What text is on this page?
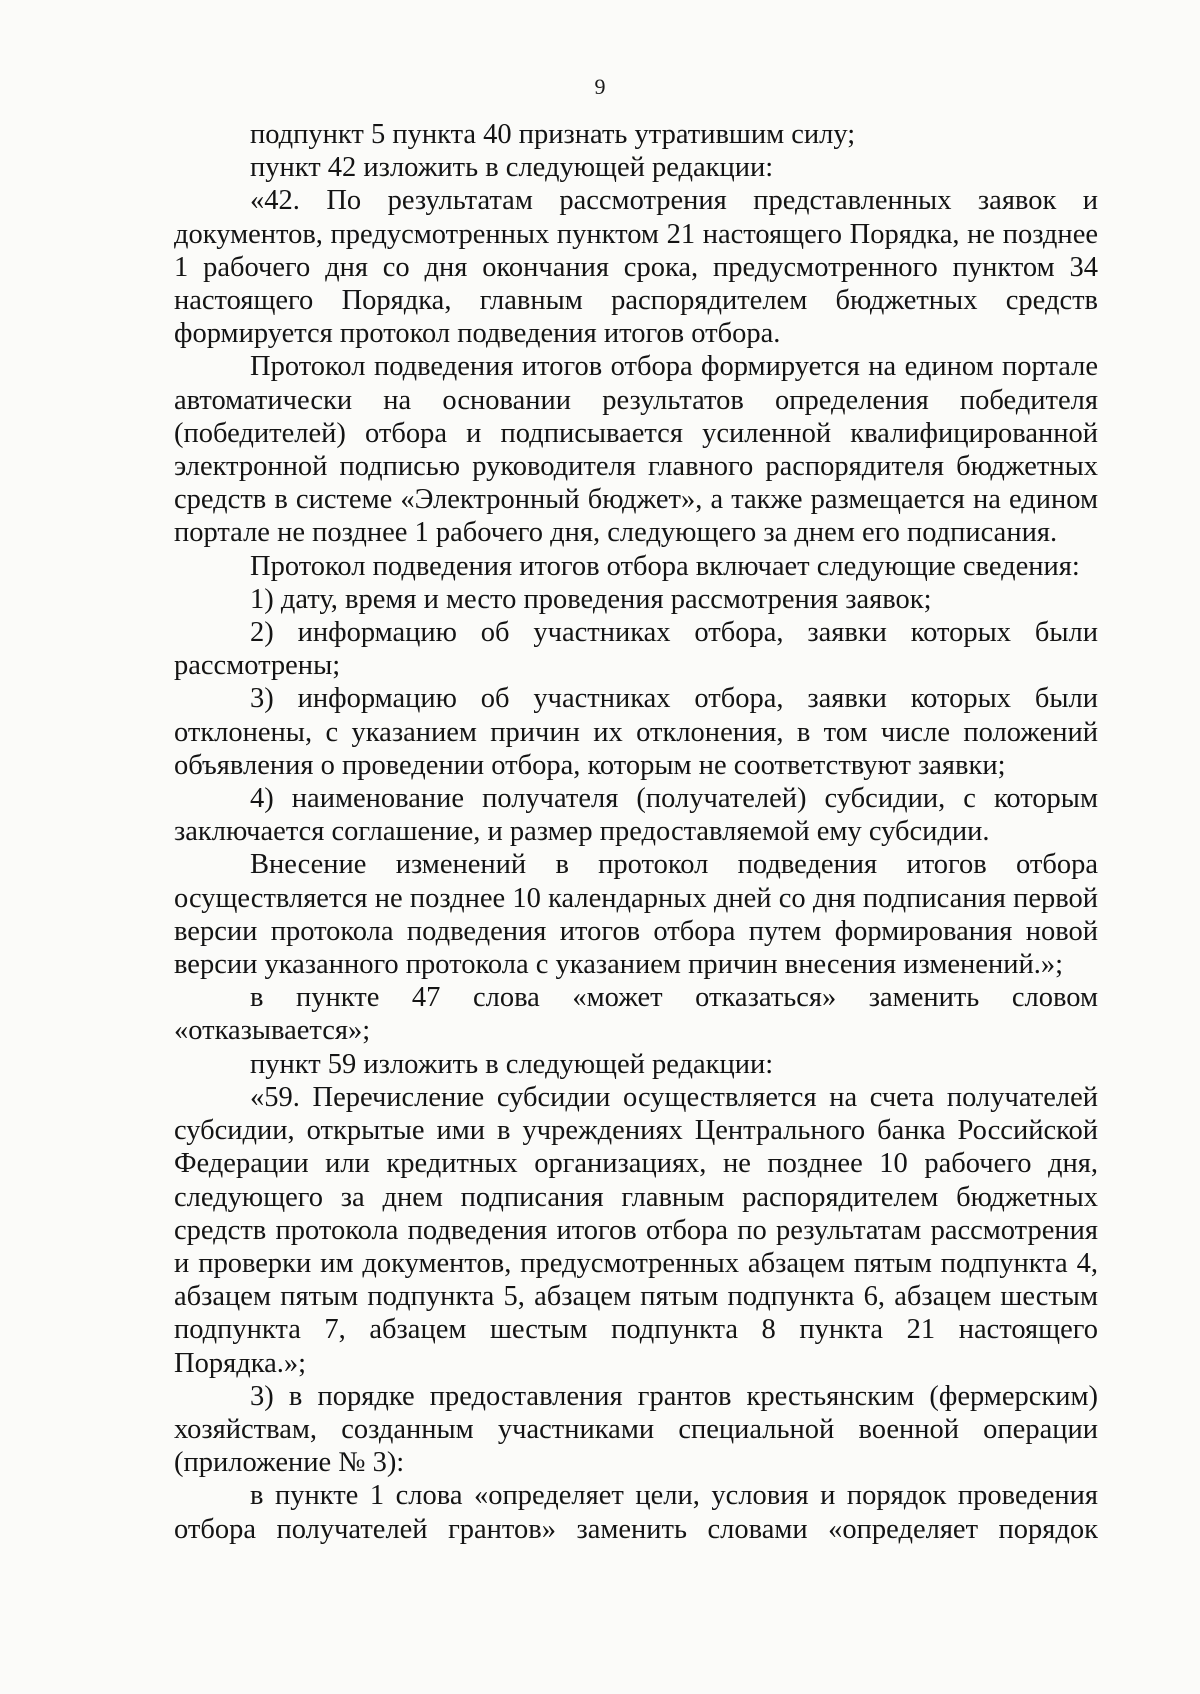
9

подпункт 5 пункта 40 признать утратившим силу;

пункт 42 изложить в следующей редакции:

«42. По результатам рассмотрения представленных заявок и документов, предусмотренных пунктом 21 настоящего Порядка, не позднее 1 рабочего дня со дня окончания срока, предусмотренного пунктом 34 настоящего Порядка, главным распорядителем бюджетных средств формируется протокол подведения итогов отбора.

Протокол подведения итогов отбора формируется на едином портале автоматически на основании результатов определения победителя (победителей) отбора и подписывается усиленной квалифицированной электронной подписью руководителя главного распорядителя бюджетных средств в системе «Электронный бюджет», а также размещается на едином портале не позднее 1 рабочего дня, следующего за днем его подписания.

Протокол подведения итогов отбора включает следующие сведения:

1) дату, время и место проведения рассмотрения заявок;

2) информацию об участниках отбора, заявки которых были рассмотрены;

3) информацию об участниках отбора, заявки которых были отклонены, с указанием причин их отклонения, в том числе положений объявления о проведении отбора, которым не соответствуют заявки;

4) наименование получателя (получателей) субсидии, с которым заключается соглашение, и размер предоставляемой ему субсидии.

Внесение изменений в протокол подведения итогов отбора осуществляется не позднее 10 календарных дней со дня подписания первой версии протокола подведения итогов отбора путем формирования новой версии указанного протокола с указанием причин внесения изменений.»;

в пункте 47 слова «может отказаться» заменить словом «отказывается»;

пункт 59 изложить в следующей редакции:

«59. Перечисление субсидии осуществляется на счета получателей субсидии, открытые ими в учреждениях Центрального банка Российской Федерации или кредитных организациях, не позднее 10 рабочего дня, следующего за днем подписания главным распорядителем бюджетных средств протокола подведения итогов отбора по результатам рассмотрения и проверки им документов, предусмотренных абзацем пятым подпункта 4, абзацем пятым подпункта 5, абзацем пятым подпункта 6, абзацем шестым подпункта 7, абзацем шестым подпункта 8 пункта 21 настоящего Порядка.»;

3) в порядке предоставления грантов крестьянским (фермерским) хозяйствам, созданным участниками специальной военной операции (приложение № 3):

в пункте 1 слова «определяет цели, условия и порядок проведения отбора получателей грантов» заменить словами «определяет порядок
